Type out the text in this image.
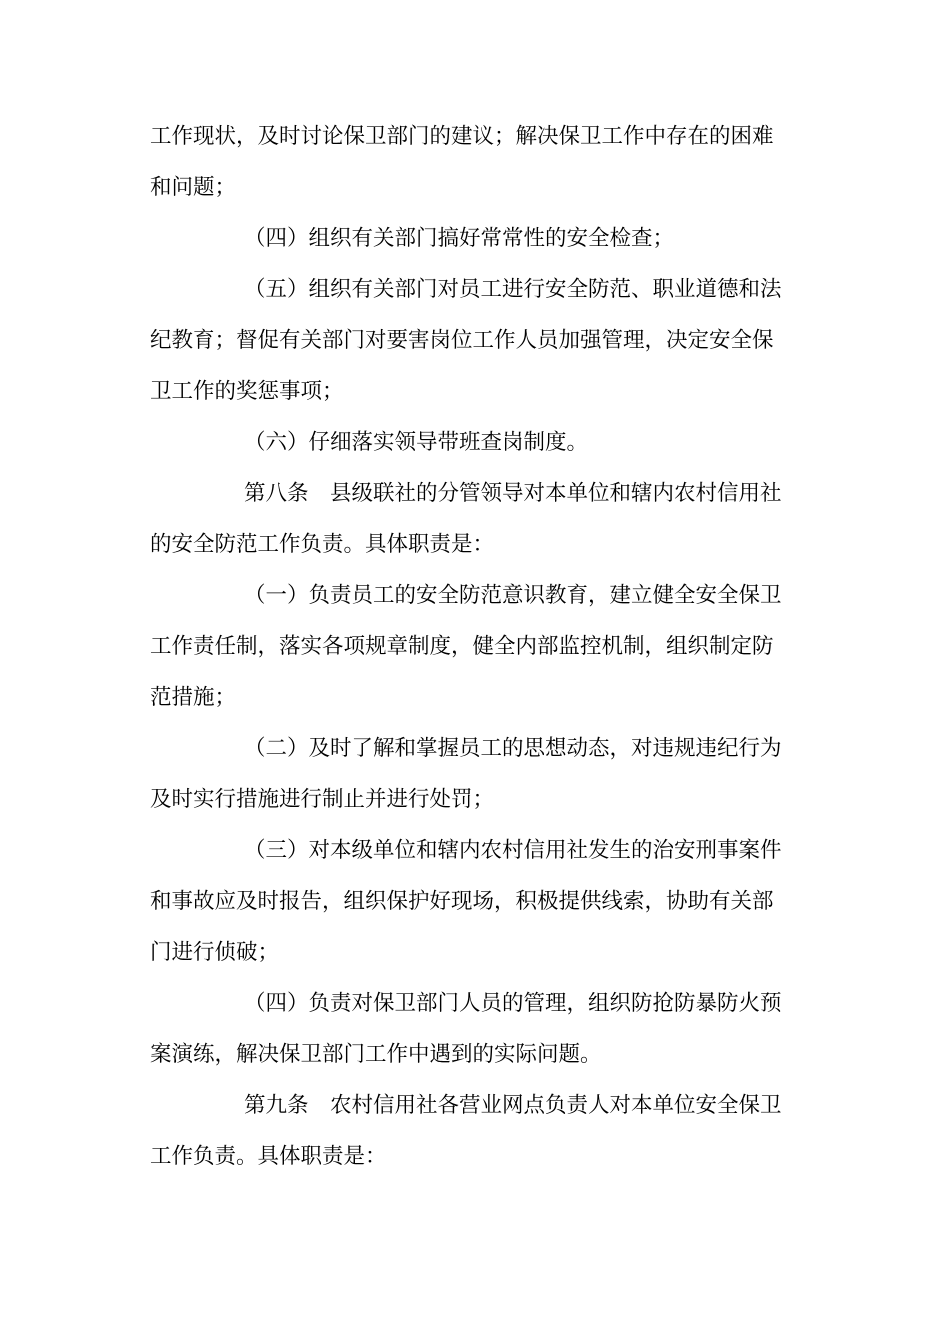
工作现状，及时讨论保卫部门的建议；解决保卫工作中存在的困难
和问题；
（四）组织有关部门搞好常常性的安全检查；
（五）组织有关部门对员工进行安全防范、职业道德和法
纪教育；督促有关部门对要害岗位工作人员加强管理，决定安全保
卫工作的奖惩事项；
（六）仔细落实领导带班查岗制度。
第八条　县级联社的分管领导对本单位和辖内农村信用社
的安全防范工作负责。具体职责是：
（一）负责员工的安全防范意识教育，建立健全安全保卫
工作责任制，落实各项规章制度，健全内部监控机制，组织制定防
范措施；
（二）及时了解和掌握员工的思想动态，对违规违纪行为
及时实行措施进行制止并进行处罚；
（三）对本级单位和辖内农村信用社发生的治安刑事案件
和事故应及时报告，组织保护好现场，积极提供线索，协助有关部
门进行侦破；
（四）负责对保卫部门人员的管理，组织防抢防暴防火预
案演练，解决保卫部门工作中遇到的实际问题。
第九条　农村信用社各营业网点负责人对本单位安全保卫
工作负责。具体职责是：
